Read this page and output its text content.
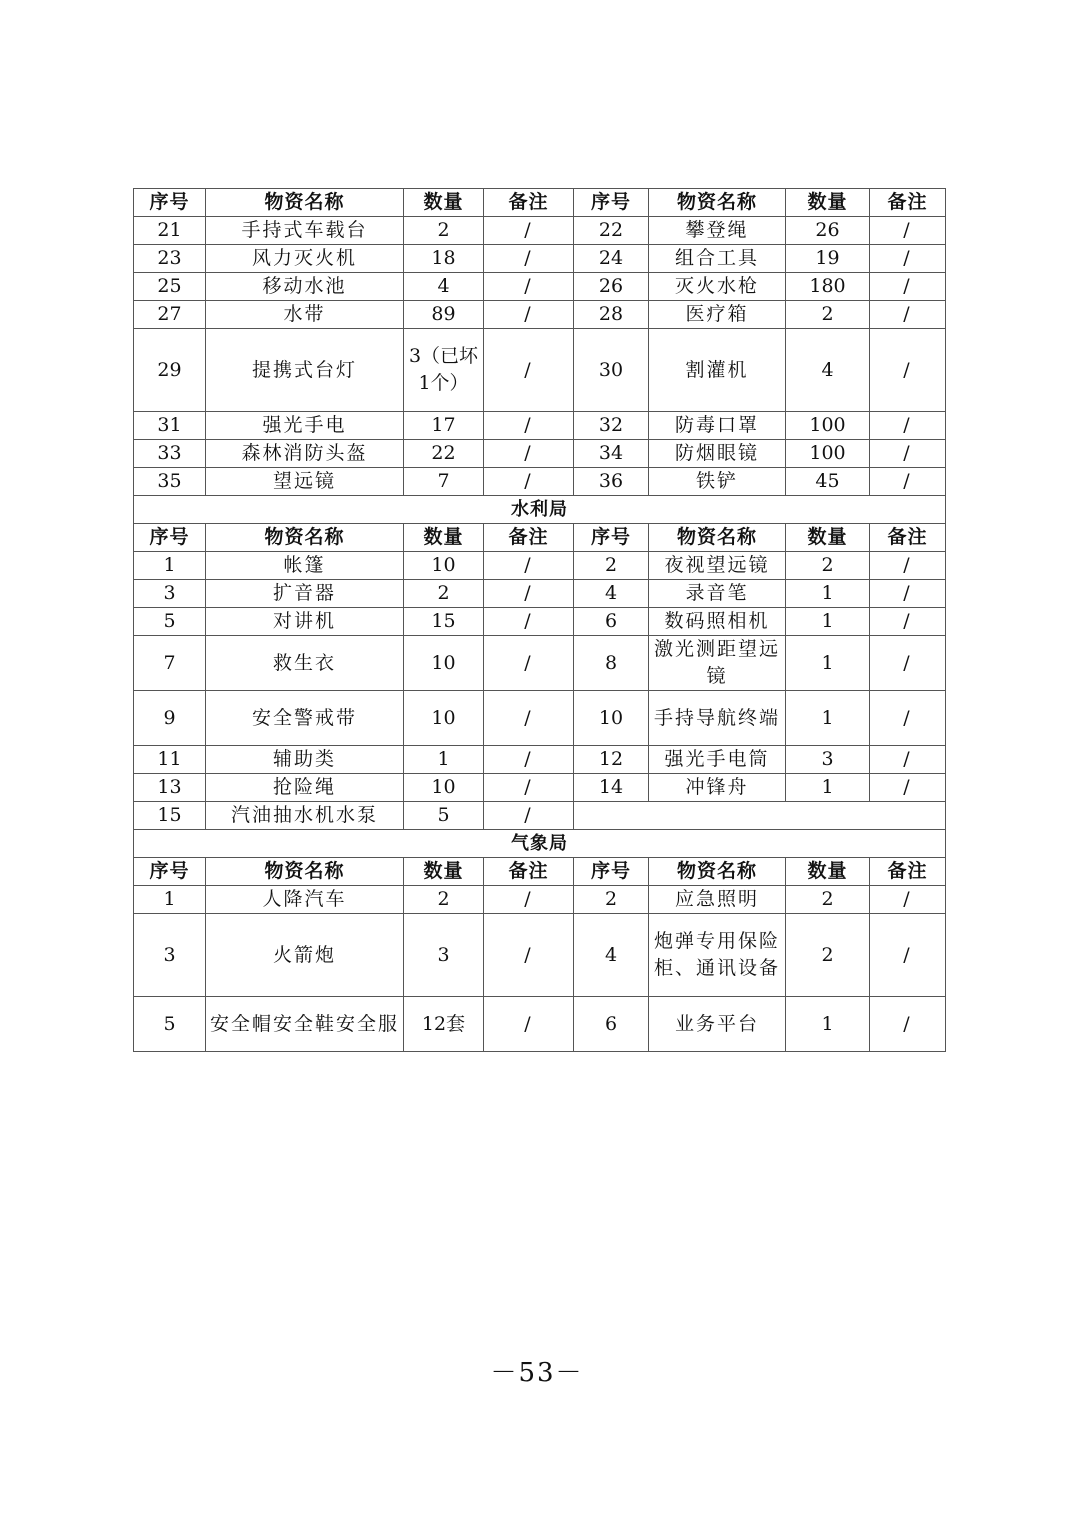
序号	物资名称	数量	备注	序号	物资名称	数量	备注
21	手持式车载台	2	/	22	攀登绳	26	/
23	风力灭火机	18	/	24	组合工具	19	/
25	移动水池	4	/	26	灭火水枪	180	/
27	水带	89	/	28	医疗箱	2	/
29	提携式台灯	3（已坏1个）	/	30	割灌机	4	/
31	强光手电	17	/	32	防毒口罩	100	/
33	森林消防头盔	22	/	34	防烟眼镜	100	/
35	望远镜	7	/	36	铁铲	45	/
水利局							
序号	物资名称	数量	备注	序号	物资名称	数量	备注
1	帐篷	10	/	2	夜视望远镜	2	/
3	扩音器	2	/	4	录音笔	1	/
5	对讲机	15	/	6	数码照相机	1	/
7	救生衣	10	/	8	激光测距望远镜	1	/
9	安全警戒带	10	/	10	手持导航终端	1	/
11	辅助类	1	/	12	强光手电筒	3	/
13	抢险绳	10	/	14	冲锋舟	1	/
15	汽油抽水机水泵	5	/				
气象局							
序号	物资名称	数量	备注	序号	物资名称	数量	备注
1	人降汽车	2	/	2	应急照明	2	/
3	火箭炮	3	/	4	炮弹专用保险柜、通讯设备	2	/
5	安全帽安全鞋安全服	12套	/	6	业务平台	1	/
－53－
